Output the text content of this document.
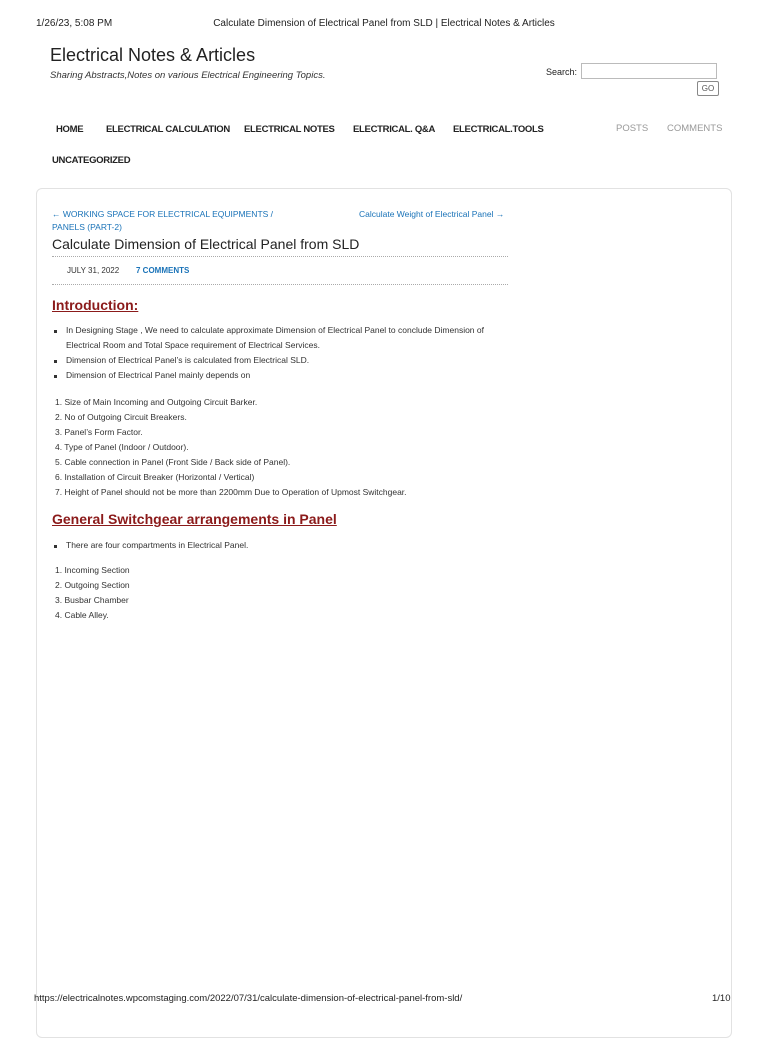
1/26/23, 5:08 PM	Calculate Dimension of Electrical Panel from SLD | Electrical Notes & Articles
Electrical Notes & Articles
Sharing Abstracts,Notes on various Electrical Engineering Topics.	Search:
GO
HOME ELECTRICAL CALCULATION ELECTRICAL NOTES ELECTRICAL. Q&A ELECTRICAL.TOOLS
UNCATEGORIZED
POSTS COMMENTS
← WORKING SPACE FOR ELECTRICAL EQUIPMENTS / PANELS (PART-2)
Calculate Weight of Electrical Panel →
Calculate Dimension of Electrical Panel from SLD
JULY 31, 2022 7 COMMENTS
Introduction:
In Designing Stage , We need to calculate approximate Dimension of Electrical Panel to conclude Dimension of Electrical Room and Total Space requirement of Electrical Services.
Dimension of Electrical Panel’s is calculated from Electrical SLD.
Dimension of Electrical Panel mainly depends on
1. Size of Main Incoming and Outgoing Circuit Barker.
2. No of Outgoing Circuit Breakers.
3. Panel’s Form Factor.
4. Type of Panel (Indoor / Outdoor).
5. Cable connection in Panel (Front Side / Back side of Panel).
6. Installation of Circuit Breaker (Horizontal / Vertical)
7. Height of Panel should not be more than 2200mm Due to Operation of Upmost Switchgear.
General Switchgear arrangements in Panel
There are four compartments in Electrical Panel.
1. Incoming Section
2. Outgoing Section
3. Busbar Chamber
4. Cable Alley.
https://electricalnotes.wpcomstaging.com/2022/07/31/calculate-dimension-of-electrical-panel-from-sld/	1/10
